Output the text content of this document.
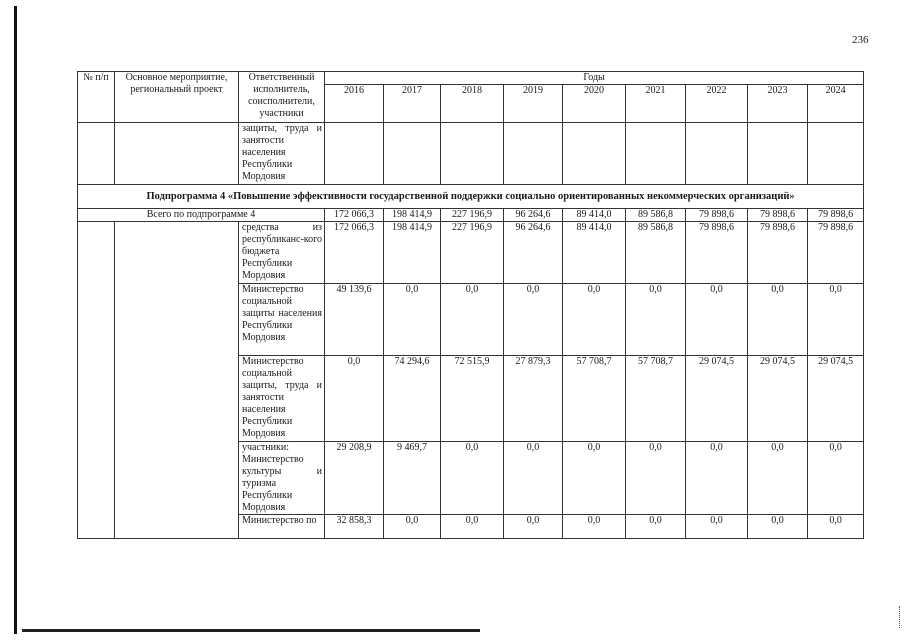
236
№ п/п	Основное мероприятие, региональный проект	Ответственный исполнитель, соисполнители, участники	Годы								
			2016	2017	2018	2019	2020	2021	2022	2023	2024
		защиты, труда и занятости населения Республики Мордовия									
Подпрограмма 4 «Повышение эффективности государственной поддержки социально ориентированных некоммерческих организаций»											
Всего по подпрограмме 4			172 066,3	198 414,9	227 196,9	96 264,6	89 414,0	89 586,8	79 898,6	79 898,6	79 898,6
		средства из республиканс-кого бюджета Республики Мордовия	172 066,3	198 414,9	227 196,9	96 264,6	89 414,0	89 586,8	79 898,6	79 898,6	79 898,6
		Министерство социальной защиты населения Республики Мордовия	49 139,6	0,0	0,0	0,0	0,0	0,0	0,0	0,0	0,0
		Министерство социальной защиты, труда и занятости населения Республики Мордовия	0,0	74 294,6	72 515,9	27 879,3	57 708,7	57 708,7	29 074,5	29 074,5	29 074,5
		участники: Министерство культуры и туризма Республики Мордовия	29 208,9	9 469,7	0,0	0,0	0,0	0,0	0,0	0,0	0,0
		Министерство по	32 858,3	0,0	0,0	0,0	0,0	0,0	0,0	0,0	0,0
